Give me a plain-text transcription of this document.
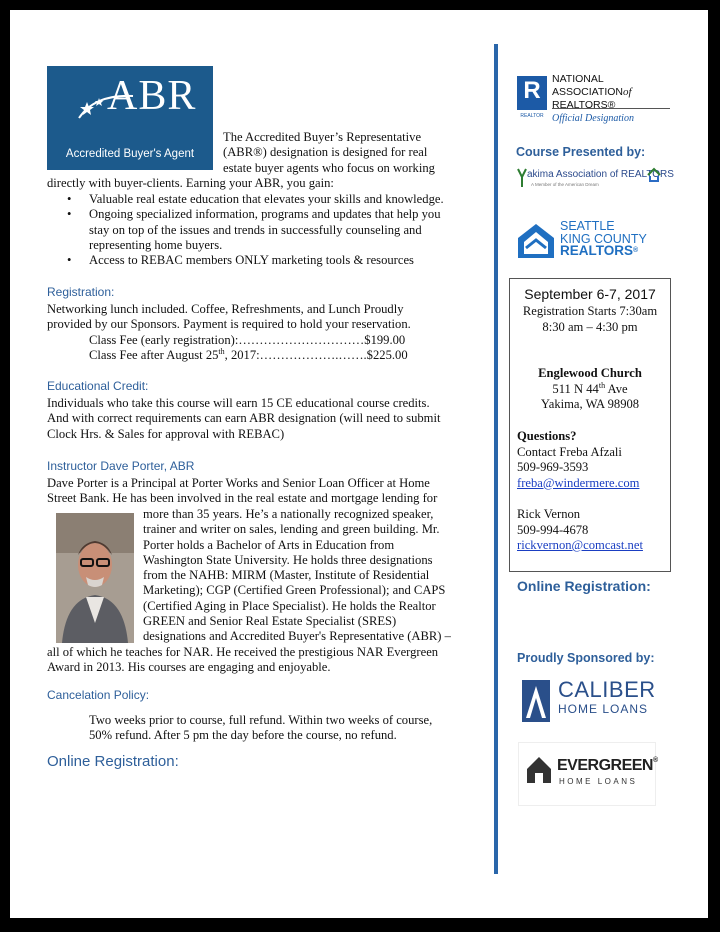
ABR
Accredited Buyer's Agent
The Accredited Buyer’s Representative
(ABR®) designation is designed for real
estate buyer agents who focus on working
directly with buyer-clients. Earning your ABR, you gain:
• Valuable real estate education that elevates your skills and knowledge.
• Ongoing specialized information, programs and updates that help you
stay on top of the issues and trends in successfully counseling and
representing home buyers.
• Access to REBAC members ONLY marketing tools & resources
Registration:
Networking lunch included. Coffee, Refreshments, and Lunch Proudly
provided by our Sponsors. Payment is required to hold your reservation.
Class Fee (early registration):…………………………$199.00
Class Fee after August 25th, 2017:……………….…….$225.00
Educational Credit:
Individuals who take this course will earn 15 CE educational course credits.
And with correct requirements can earn ABR designation (will need to submit
Clock Hrs. & Sales for approval with REBAC)
Instructor Dave Porter, ABR
Dave Porter is a Principal at Porter Works and Senior Loan Officer at Home
Street Bank. He has been involved in the real estate and mortgage lending for
more than 35 years. He’s a nationally recognized speaker,
trainer and writer on sales, lending and green building. Mr.
Porter holds a Bachelor of Arts in Education from
Washington State University. He holds three designations
from the NAHB: MIRM (Master, Institute of Residential
Marketing); CGP (Certified Green Professional); and CAPS
(Certified Aging in Place Specialist). He holds the Realtor
GREEN and Senior Real Estate Specialist (SRES)
designations and Accredited Buyer's Representative (ABR) –
all of which he teaches for NAR. He received the prestigious NAR Evergreen
Award in 2013. His courses are engaging and enjoyable.
Cancelation Policy:
Two weeks prior to course, full refund. Within two weeks of course,
50% refund. After 5 pm the day before the course, no refund.
Online Registration:
R
REALTOR
NATIONAL
ASSOCIATIONof
REALTORS®
Official Designation
Course Presented by:
akima Association of REALTORS
A Member of the American Dream
SEATTLE
KING COUNTY
REALTORS®
September 6-7, 2017
Registration Starts 7:30am
8:30 am – 4:30 pm
Englewood Church
511 N 44th Ave
Yakima, WA 98908
Questions?
Contact Freba Afzali
509-969-3593
freba@windermere.com
Rick Vernon
509-994-4678
rickvernon@comcast.net
Online Registration:
Proudly Sponsored by:
CALIBER
HOME LOANS
EVERGREEN®
HOME LOANS
